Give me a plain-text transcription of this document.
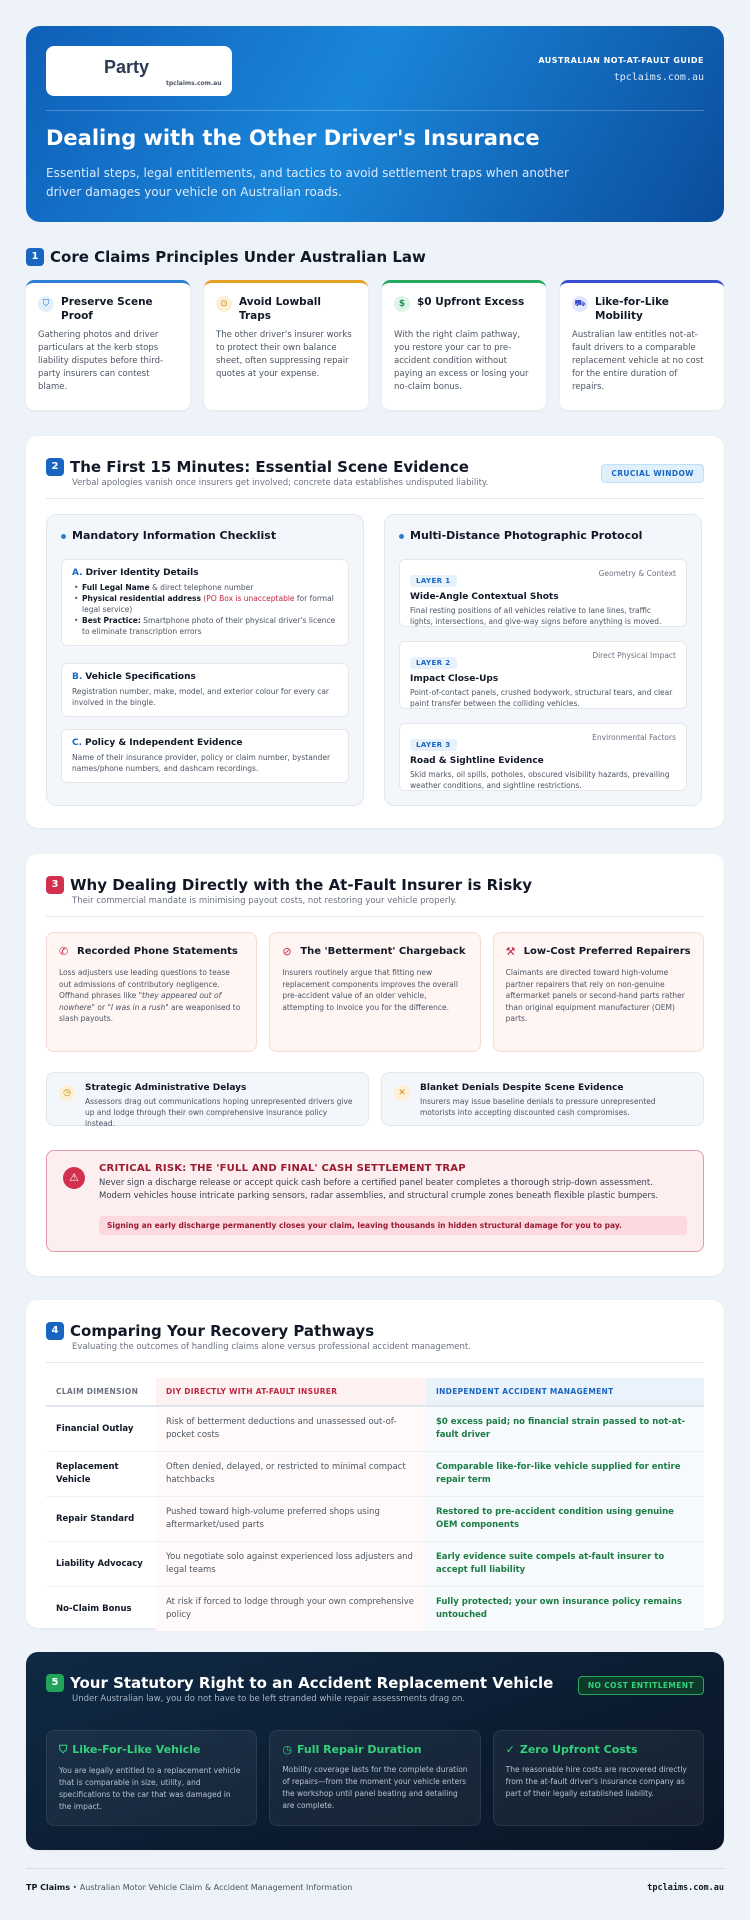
Party
tpclaims.com.au
AUSTRALIAN NOT-AT-FAULT GUIDE
tpclaims.com.au
Dealing with the Other Driver's Insurance

Essential steps, legal entitlements, and tactics to avoid settlement traps when another driver damages your vehicle on Australian roads.

1 Core Claims Principles Under Australian Law
⛉	Preserve Scene Proof

Gathering photos and driver particulars at the kerb stops liability disputes before third-party insurers can contest blame.

⊙	Avoid Lowball Traps

The other driver's insurer works to protect their own balance sheet, often suppressing repair quotes at your expense.

$	$0 Upfront Excess

With the right claim pathway, you restore your car to pre-accident condition without paying an excess or losing your no-claim bonus.

⛟ Like-for-Like Mobility

Australian law entitles not-at-fault drivers to a comparable replacement vehicle at no cost for the entire duration of repairs.

2 The First 15 Minutes: Essential Scene Evidence
Verbal apologies vanish once insurers get involved; concrete data establishes undisputed liability.
CRUCIAL WINDOW
Mandatory Information Checklist
A. Driver Identity Details
• Full Legal Name & direct telephone number
• Physical residential address (PO Box is unacceptable for formal legal service)
• Best Practice: Smartphone photo of their physical driver's licence to eliminate transcription errors
B. Vehicle Specifications

Registration number, make, model, and exterior colour for every car involved in the bingle.

C. Policy & Independent Evidence

Name of their insurance provider, policy or claim number, bystander names/phone numbers, and dashcam recordings.

Multi-Distance Photographic Protocol
LAYER 1
Geometry & Context
Wide-Angle Contextual Shots
Final resting positions of all vehicles relative to lane lines, traffic lights, intersections, and give-way signs before anything is moved.
LAYER 2
Direct Physical Impact
Impact Close-Ups
Point-of-contact panels, crushed bodywork, structural tears, and clear paint transfer between the colliding vehicles.
LAYER 3
Environmental Factors
Road & Sightline Evidence
Skid marks, oil spills, potholes, obscured visibility hazards, prevailing weather conditions, and sightline restrictions.
3 Why Dealing Directly with the At-Fault Insurer is Risky
Their commercial mandate is minimising payout costs, not restoring your vehicle properly.
✆ Recorded Phone Statements

Loss adjusters use leading questions to tease out admissions of contributory negligence. Offhand phrases like "they appeared out of nowhere" or "I was in a rush" are weaponised to slash payouts.

⊘ The 'Betterment' Chargeback

Insurers routinely argue that fitting new replacement components improves the overall pre-accident value of an older vehicle, attempting to invoice you for the difference.

⚒ Low-Cost Preferred Repairers

Claimants are directed toward high-volume partner repairers that rely on non-genuine aftermarket panels or second-hand parts rather than original equipment manufacturer (OEM) parts.

◷	Strategic Administrative Delays
Assessors drag out communications hoping unrepresented drivers give up and lodge through their own comprehensive insurance policy instead.
✕	Blanket Denials Despite Scene Evidence
Insurers may issue baseline denials to pressure unrepresented motorists into accepting discounted cash compromises.
⚠
CRITICAL RISK: THE 'FULL AND FINAL' CASH SETTLEMENT TRAP
Never sign a discharge release or accept quick cash before a certified panel beater completes a thorough strip-down assessment. Modern vehicles house intricate parking sensors, radar assemblies, and structural crumple zones beneath flexible plastic bumpers.
Signing an early discharge permanently closes your claim, leaving thousands in hidden structural damage for you to pay.
4 Comparing Your Recovery Pathways
Evaluating the outcomes of handling claims alone versus professional accident management.
CLAIM DIMENSION	DIY DIRECTLY WITH AT-FAULT INSURER	INDEPENDENT ACCIDENT MANAGEMENT
Financial Outlay	Risk of betterment deductions and unassessed out-of-pocket costs	$0 excess paid; no financial strain passed to not-at-fault driver
Replacement Vehicle	Often denied, delayed, or restricted to minimal compact hatchbacks	Comparable like-for-like vehicle supplied for entire repair term
Repair Standard	Pushed toward high-volume preferred shops using aftermarket/used parts	Restored to pre-accident condition using genuine OEM components
Liability Advocacy	You negotiate solo against experienced loss adjusters and legal teams	Early evidence suite compels at-fault insurer to accept full liability
No-Claim Bonus	At risk if forced to lodge through your own comprehensive policy	Fully protected; your own insurance policy remains untouched
5 Your Statutory Right to an Accident Replacement Vehicle
Under Australian law, you do not have to be left stranded while repair assessments drag on.
NO COST ENTITLEMENT
⛉ Like-For-Like Vehicle

You are legally entitled to a replacement vehicle that is comparable in size, utility, and specifications to the car that was damaged in the impact.

◷ Full Repair Duration

Mobility coverage lasts for the complete duration of repairs—from the moment your vehicle enters the workshop until panel beating and detailing are complete.

✓ Zero Upfront Costs

The reasonable hire costs are recovered directly from the at-fault driver's insurance company as part of their legally established liability.

TP Claims • Australian Motor Vehicle Claim & Accident Management Information	tpclaims.com.au
